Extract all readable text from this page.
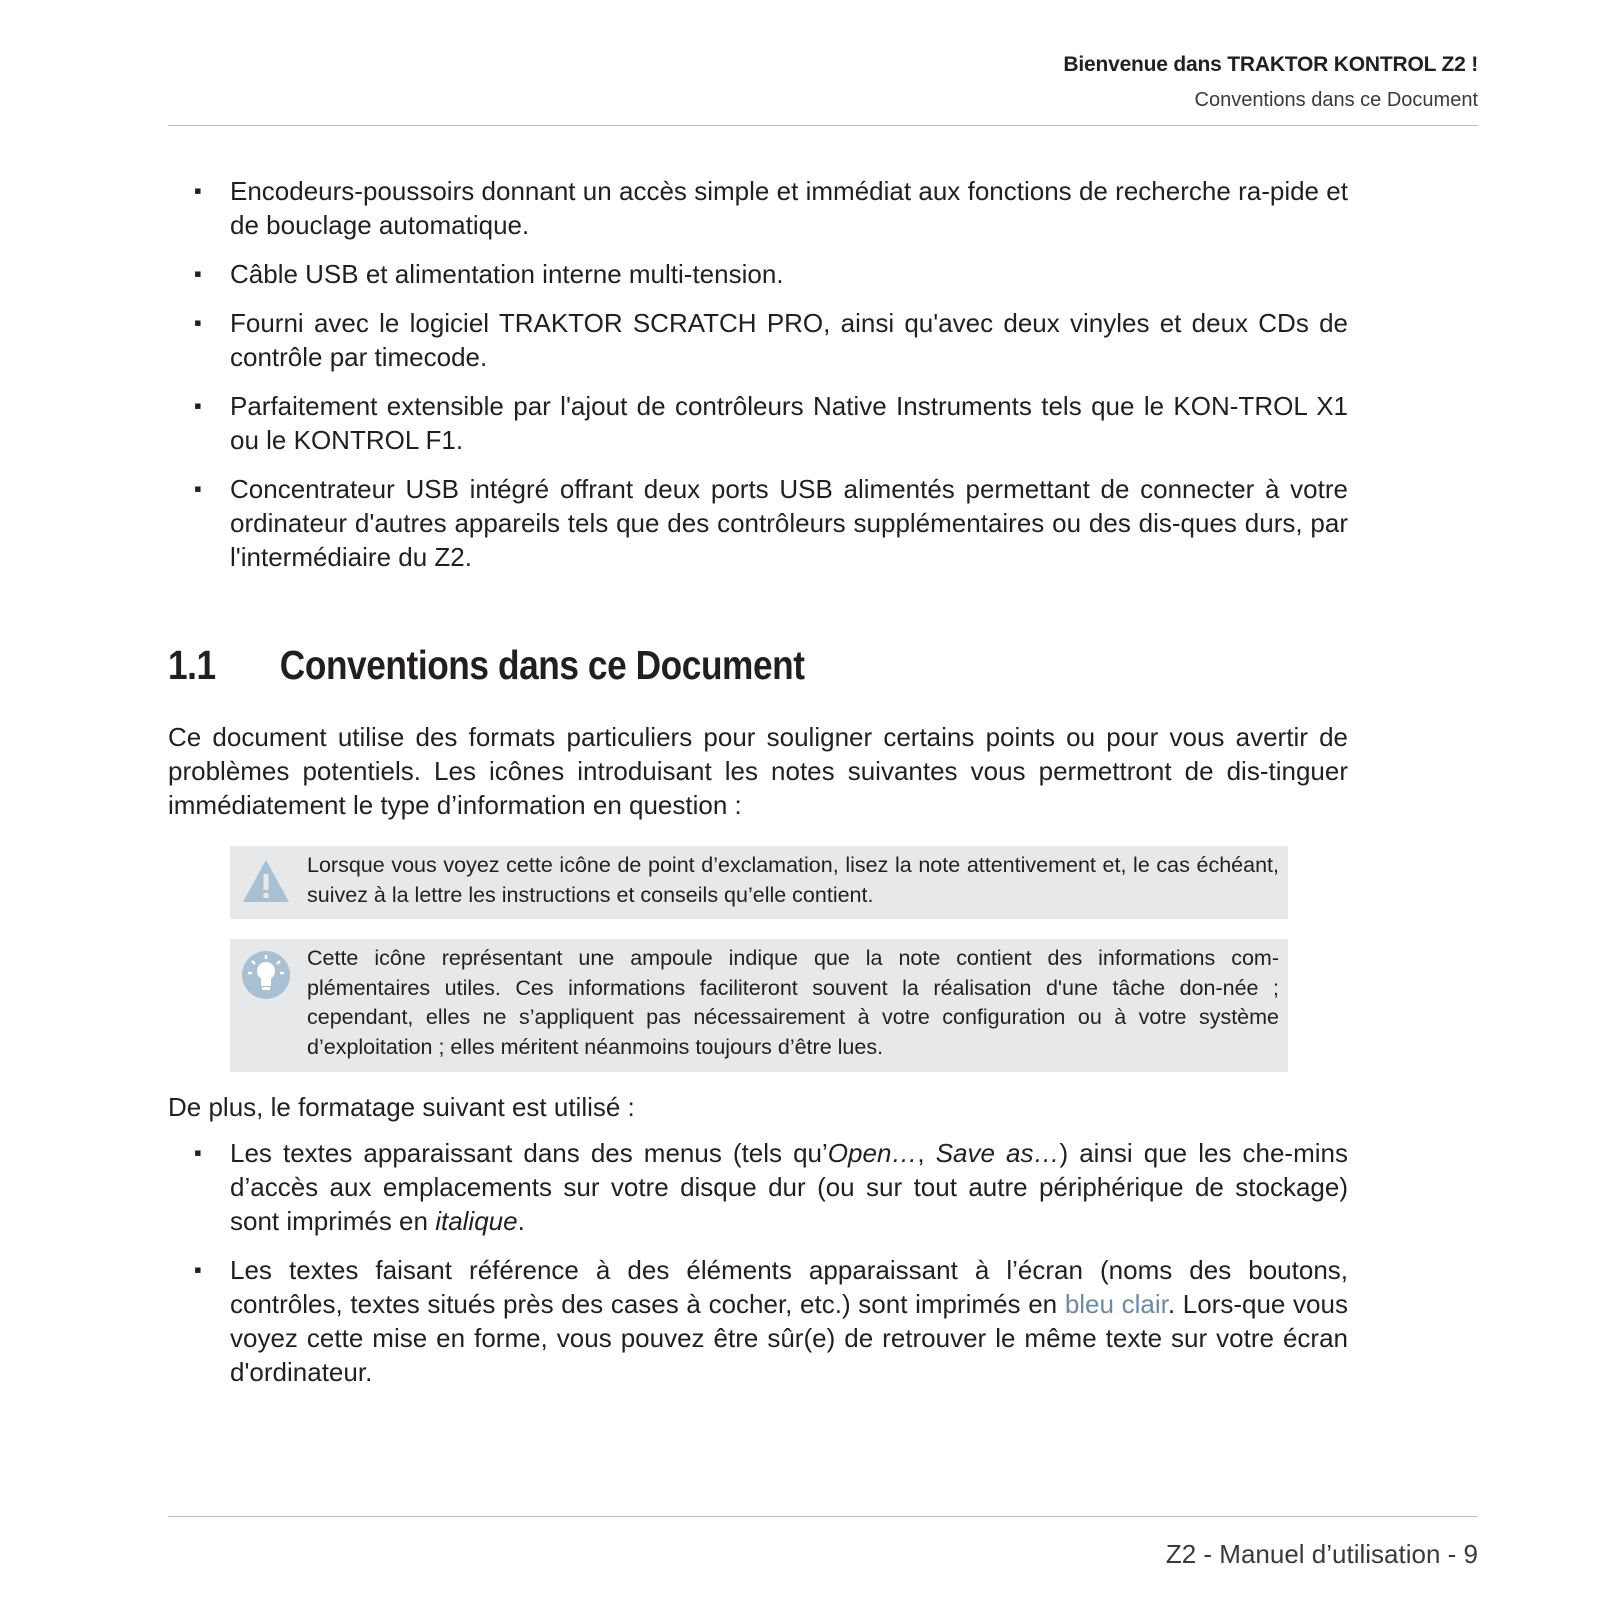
Bienvenue dans TRAKTOR KONTROL Z2 !
Conventions dans ce Document
▪ Encodeurs-poussoirs donnant un accès simple et immédiat aux fonctions de recherche ra-pide et de bouclage automatique.
▪ Câble USB et alimentation interne multi-tension.
▪ Fourni avec le logiciel TRAKTOR SCRATCH PRO, ainsi qu'avec deux vinyles et deux CDs de contrôle par timecode.
▪ Parfaitement extensible par l'ajout de contrôleurs Native Instruments tels que le KON-TROL X1 ou le KONTROL F1.
▪ Concentrateur USB intégré offrant deux ports USB alimentés permettant de connecter à votre ordinateur d'autres appareils tels que des contrôleurs supplémentaires ou des dis-ques durs, par l'intermédiaire du Z2.
1.1 Conventions dans ce Document

Ce document utilise des formats particuliers pour souligner certains points ou pour vous avertir de problèmes potentiels. Les icônes introduisant les notes suivantes vous permettront de dis-tinguer immédiatement le type d’information en question :

Lorsque vous voyez cette icône de point d’exclamation, lisez la note attentivement et, le cas échéant, suivez à la lettre les instructions et conseils qu’elle contient.
Cette icône représentant une ampoule indique que la note contient des informations com-plémentaires utiles. Ces informations faciliteront souvent la réalisation d'une tâche don-née ; cependant, elles ne s’appliquent pas nécessairement à votre configuration ou à votre système d’exploitation ; elles méritent néanmoins toujours d’être lues.

De plus, le formatage suivant est utilisé :

▪ Les textes apparaissant dans des menus (tels qu’Open…, Save as…) ainsi que les che-mins d’accès aux emplacements sur votre disque dur (ou sur tout autre périphérique de stockage) sont imprimés en italique.
▪ Les textes faisant référence à des éléments apparaissant à l’écran (noms des boutons, contrôles, textes situés près des cases à cocher, etc.) sont imprimés en bleu clair. Lors-que vous voyez cette mise en forme, vous pouvez être sûr(e) de retrouver le même texte sur votre écran d'ordinateur.
Z2 - Manuel d’utilisation - 9
